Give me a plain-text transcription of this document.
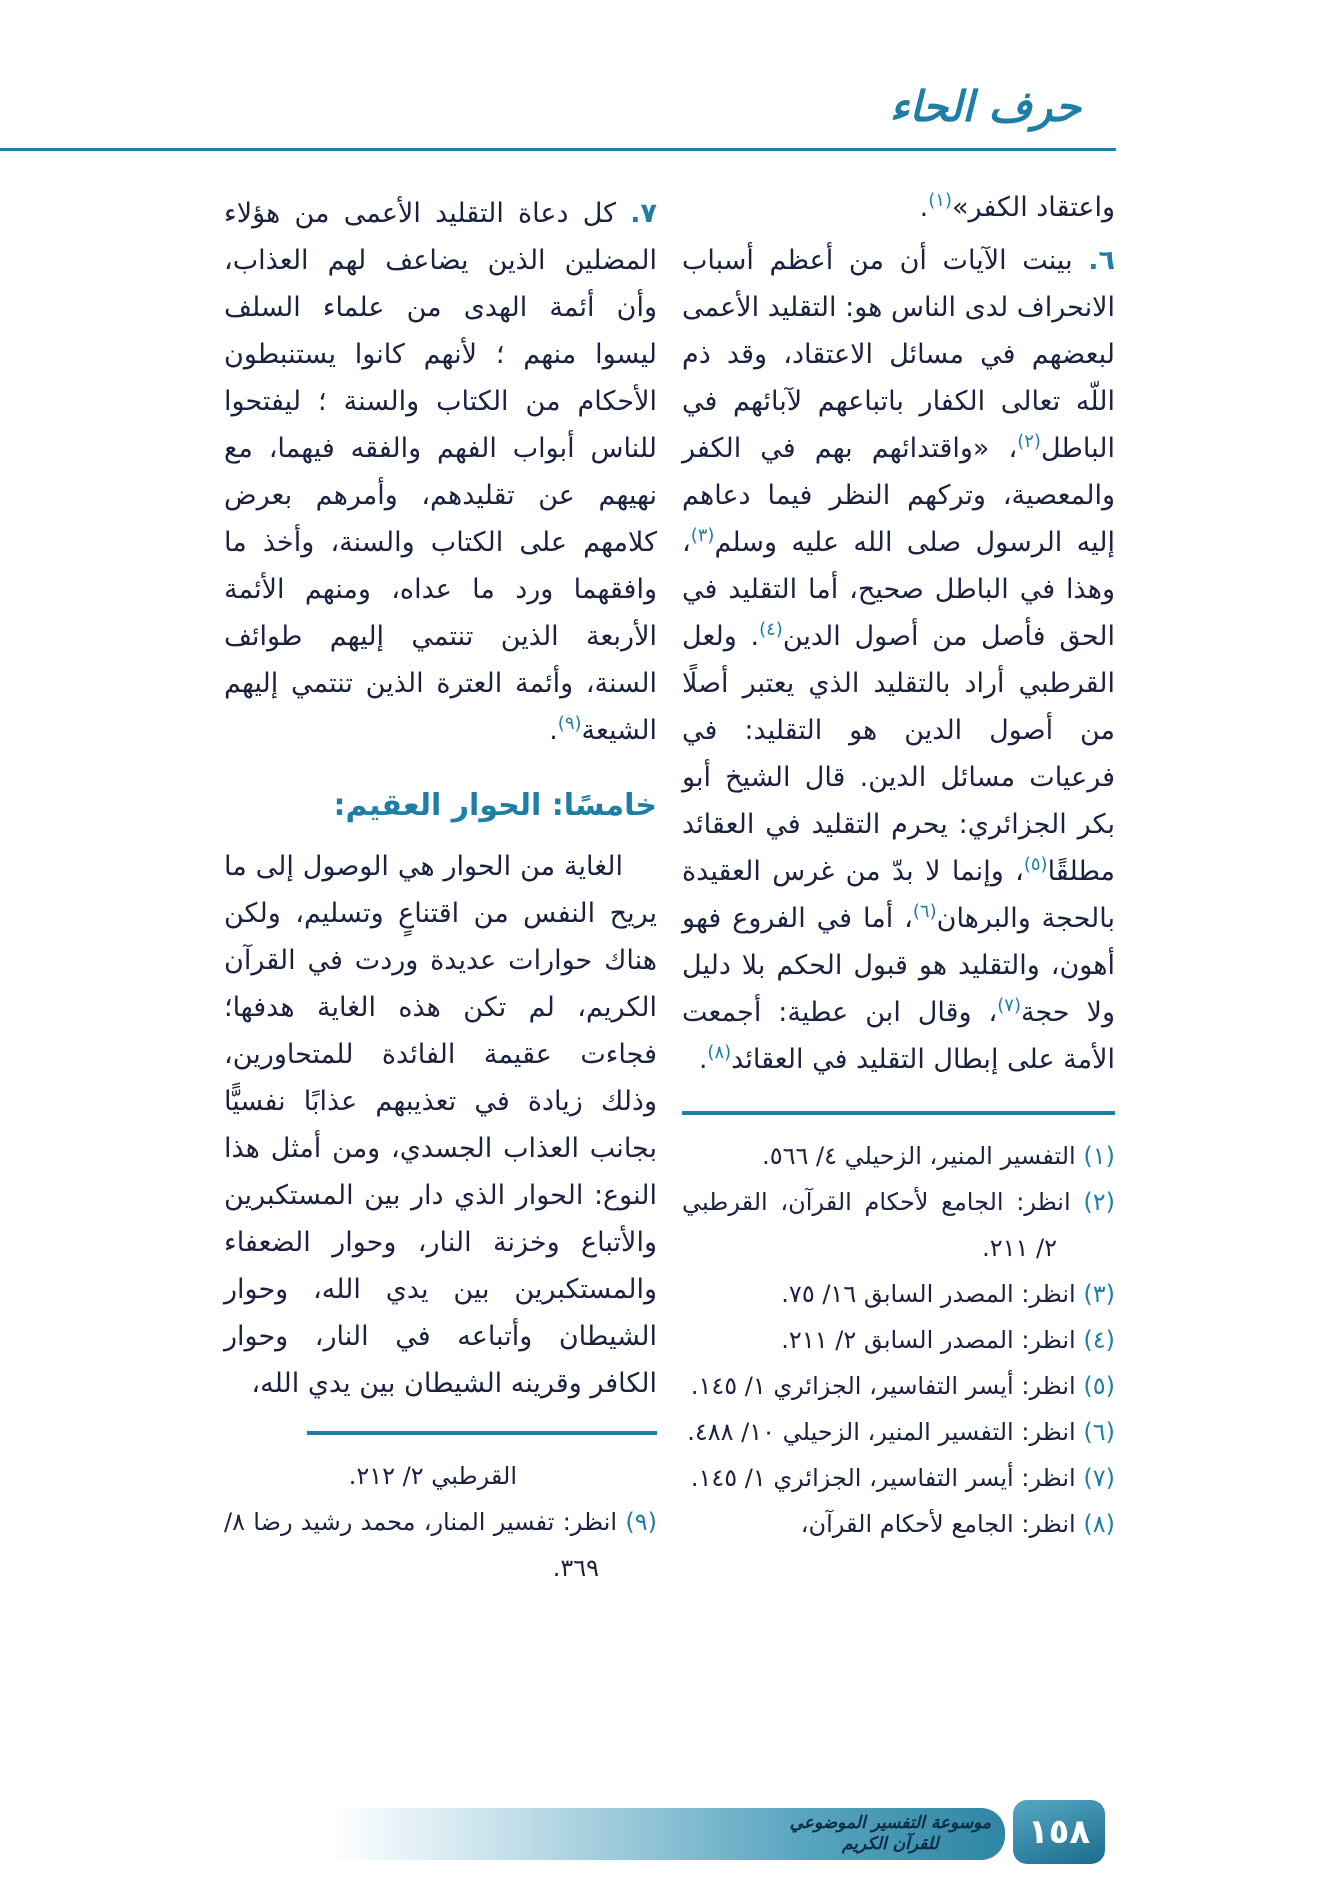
حرف الحاء

واعتقاد الكفر»$^{(١)}$.

٦. بينت الآيات أن من أعظم أسباب الانحراف لدى الناس هو: التقليد الأعمى لبعضهم في مسائل الاعتقاد، وقد ذم اللّه تعالى الكفار باتباعهم لآبائهم في الباطل$^{(٢)}$، «واقتدائهم بهم في الكفر والمعصية، وتركهم النظر فيما دعاهم إليه الرسول صلى الله عليه وسلم$^{(٣)}$، وهذا في الباطل صحيح، أما التقليد في الحق فأصل من أصول الدين$^{(٤)}$. ولعل القرطبي أراد بالتقليد الذي يعتبر أصلًا من أصول الدين هو التقليد: في فرعيات مسائل الدين. قال الشيخ أبو بكر الجزائري: يحرم التقليد في العقائد مطلقًا$^{(٥)}$، وإنما لا بدّ من غرس العقيدة بالحجة والبرهان$^{(٦)}$، أما في الفروع فهو أهون، والتقليد هو قبول الحكم بلا دليل ولا حجة$^{(٧)}$، وقال ابن عطية: أجمعت الأمة على إبطال التقليد في العقائد$^{(٨)}$.

(١) التفسير المنير، الزحيلي ٤/ ٥٦٦.
(٢) انظر: الجامع لأحكام القرآن، القرطبي ٢/ ٢١١.
(٣) انظر: المصدر السابق ١٦/ ٧٥.
(٤) انظر: المصدر السابق ٢/ ٢١١.
(٥) انظر: أيسر التفاسير، الجزائري ١/ ١٤٥.
(٦) انظر: التفسير المنير، الزحيلي ١٠/ ٤٨٨.
(٧) انظر: أيسر التفاسير، الجزائري ١/ ١٤٥.
(٨) انظر: الجامع لأحكام القرآن،

٧. كل دعاة التقليد الأعمى من هؤلاء المضلين الذين يضاعف لهم العذاب، وأن أئمة الهدى من علماء السلف ليسوا منهم ؛ لأنهم كانوا يستنبطون الأحكام من الكتاب والسنة ؛ ليفتحوا للناس أبواب الفهم والفقه فيهما، مع نهيهم عن تقليدهم، وأمرهم بعرض كلامهم على الكتاب والسنة، وأخذ ما وافقهما ورد ما عداه، ومنهم الأئمة الأربعة الذين تنتمي إليهم طوائف السنة، وأئمة العترة الذين تنتمي إليهم الشيعة$^{(٩)}$.

خامسًا: الحوار العقيم:

الغاية من الحوار هي الوصول إلى ما يريح النفس من اقتناعٍ وتسليم، ولكن هناك حوارات عديدة وردت في القرآن الكريم، لم تكن هذه الغاية هدفها؛ فجاءت عقيمة الفائدة للمتحاورين، وذلك زيادة في تعذيبهم عذابًا نفسيًّا بجانب العذاب الجسدي، ومن أمثل هذا النوع: الحوار الذي دار بين المستكبرين والأتباع وخزنة النار، وحوار الضعفاء والمستكبرين بين يدي الله، وحوار الشيطان وأتباعه في النار، وحوار الكافر وقرينه الشيطان بين يدي الله،

القرطبي ٢/ ٢١٢.
(٩) انظر: تفسير المنار، محمد رشيد رضا ٨/ ٣٦٩.
موسوعة التفسير الموضوعي
للقرآن الكريم	١٥٨
